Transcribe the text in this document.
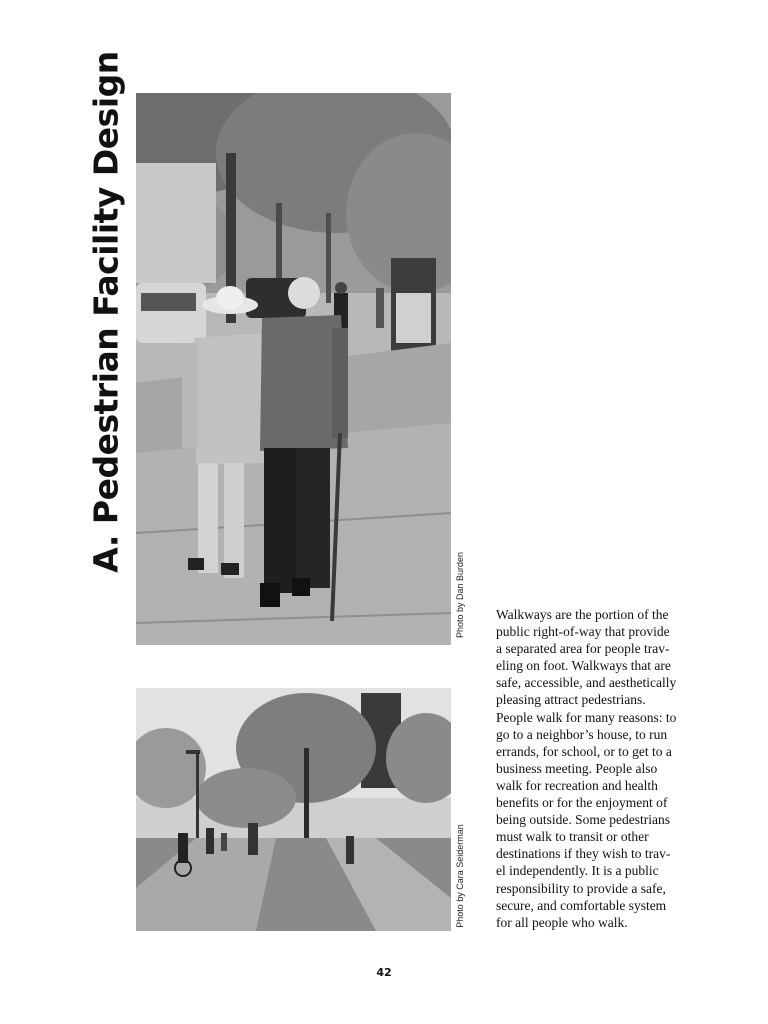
A. Pedestrian Facility Design
Photo by Dan Burden
Photo by Cara Seiderman
Walkways are the portion of the
public right-of-way that provide
a separated area for people trav-
eling on foot. Walkways that are
safe, accessible, and aesthetically
pleasing attract pedestrians.
People walk for many reasons: to
go to a neighbor’s house, to run
errands, for school, or to get to a
business meeting. People also
walk for recreation and health
benefits or for the enjoyment of
being outside. Some pedestrians
must walk to transit or other
destinations if they wish to trav-
el independently. It is a public
responsibility to provide a safe,
secure, and comfortable system
for all people who walk.
42
